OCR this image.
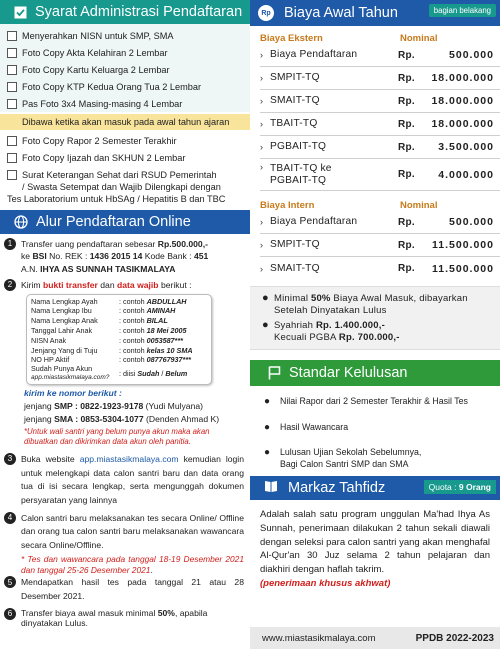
Syarat Administrasi Pendaftaran
Menyerahkan NISN untuk SMP, SMA
Foto Copy Akta Kelahiran 2 Lembar
Foto Copy Kartu Keluarga 2 Lembar
Foto Copy KTP Kedua Orang Tua 2 Lembar
Pas Foto 3x4 Masing-masing 4 Lembar
Dibawa ketika akan masuk pada awal tahun ajaran
Foto Copy Rapor 2 Semester Terakhir
Foto Copy Ijazah dan SKHUN 2 Lembar
Surat Keterangan Sehat dari RSUD Pemerintah
/ Swasta Setempat dan Wajib Dilengkapi dengan
Tes Laboratorium untuk HbSAg / Hepatitis B dan TBC
Alur Pendaftaran Online
1	Transfer uang pendaftaran sebesar Rp.500.000,-
ke BSI No. REK : 1436 2015 14 Kode Bank : 451
A.N. IHYA AS SUNNAH TASIKMALAYA
2	Kirim bukti transfer dan data wajib berikut :
Nama Lengkap Ayah	: contoh ABDULLAH
Nama Lengkap Ibu	: contoh AMINAH
Nama Lengkap Anak	: contoh BILAL
Tanggal Lahir Anak	: contoh 18 Mei 2005
NISN Anak	: contoh 0053587***
Jenjang Yang di Tuju	: contoh kelas 10 SMA
NO HP Aktif	: contoh 087767937***
Sudah Punya Akun
app.miastasikmalaya.com?	: diisi Sudah / Belum
kirim ke nomor berikut :
jenjang SMP : 0822-1923-9178 (Yudi Mulyana)
jenjang SMA : 0853-5304-1077 (Denden Ahmad K)
*Untuk wali santri yang belum punya akun maka akan dibuatkan dan dikirimkan data akun oleh panitia.
3	Buka website app.miastasikmalaya.com kemudian login untuk melengkapi data calon santri baru dan data orang tua di isi secara lengkap, serta mengunggah dokumen persyaratan yang lainnya
4	Calon santri baru melaksanakan tes secara Online/ Offline dan orang tua calon santri baru melaksanakan wawancara secara Online/Offline.
* Tes dan wawancara pada tanggal 18-19 Desember 2021 dan tanggal 25-26 Desember 2021.
5	Mendapatkan hasil tes pada tanggal 21 atau 28 Desember 2021.
6	Transfer biaya awal masuk minimal 50%, apabila dinyatakan Lulus.
Rp Biaya Awal Tahun	bagian belakang
Biaya Ekstern	Nominal
› Biaya Pendaftaran	Rp.	500.000
› SMPIT-TQ	Rp.	18.000.000
› SMAIT-TQ	Rp.	18.000.000
› TBAIT-TQ	Rp.	18.000.000
› PGBAIT-TQ	Rp.	3.500.000
› TBAIT-TQ ke
PGBAIT-TQ	Rp.	4.000.000
Biaya Intern	Nominal
› Biaya Pendaftaran	Rp.	500.000
› SMPIT-TQ	Rp.	11.500.000
› SMAIT-TQ	Rp.	11.500.000
● Minimal 50% Biaya Awal Masuk, dibayarkan Setelah Dinyatakan Lulus
● Syahriah Rp. 1.400.000,-
Kecuali PGBA Rp. 700.000,-
Standar Kelulusan
●	Nilai Rapor dari 2 Semester Terakhir & Hasil Tes
●	Hasil Wawancara
●	Lulusan Ujian Sekolah Sebelumnya,
Bagi Calon Santri SMP dan SMA
Markaz Tahfidz	Quota : 9 Orang
Adalah salah satu program unggulan Ma'had Ihya As Sunnah, penerimaan dilakukan 2 tahun sekali diawali dengan seleksi para calon santri yang akan menghafal Al-Qur'an 30 Juz selama 2 tahun pelajaran dan diakhiri dengan haflah takrim.
(penerimaan khusus akhwat)
www.miastasikmalaya.com	PPDB 2022-2023
